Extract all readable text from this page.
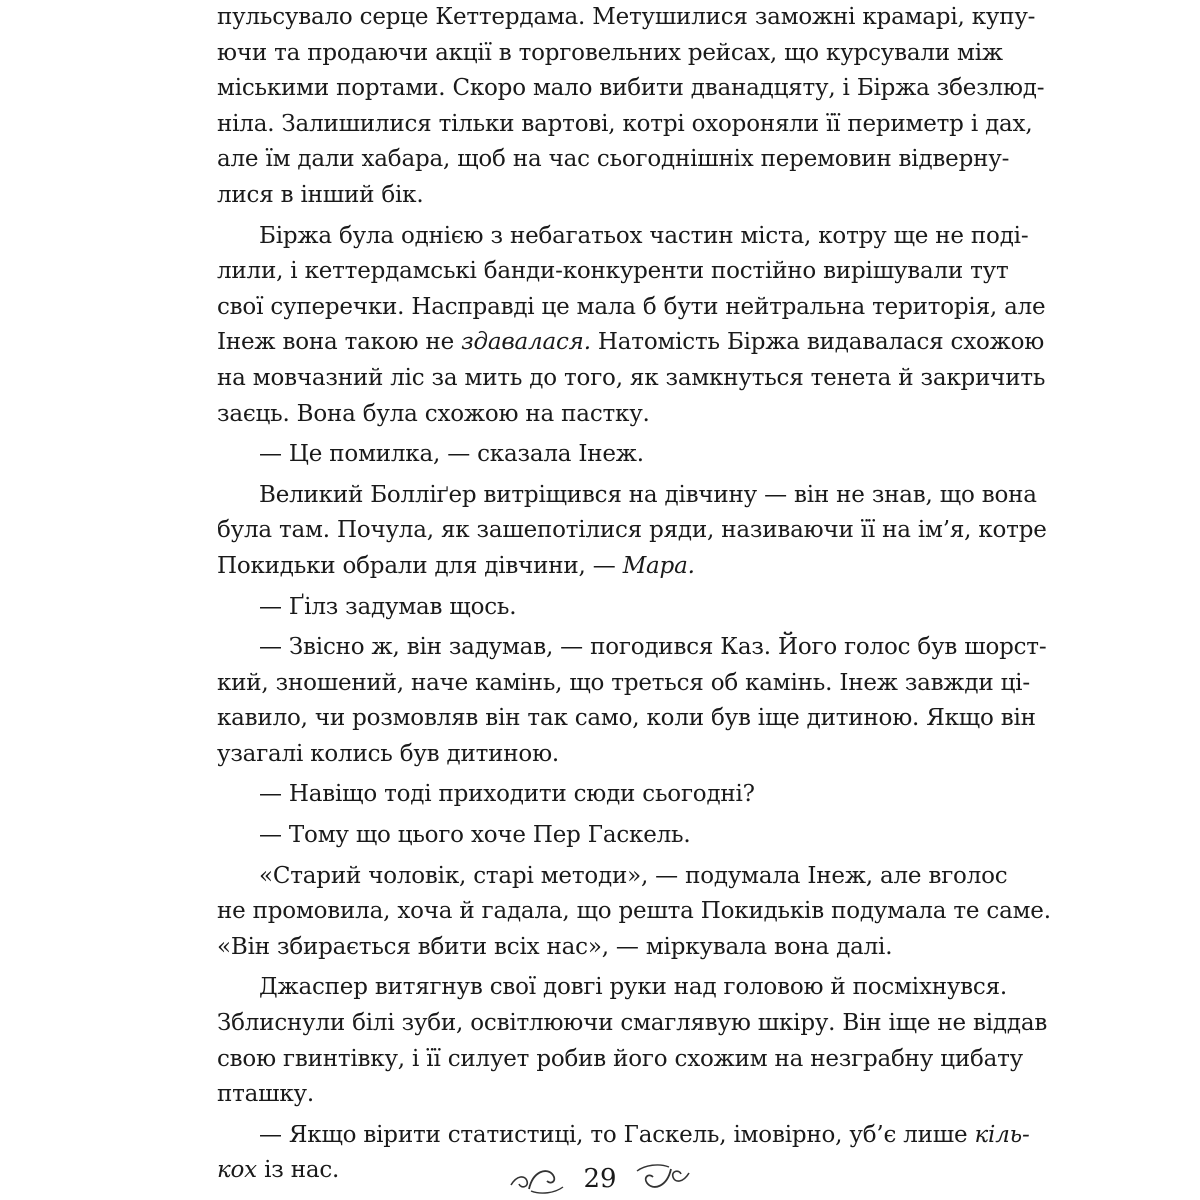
пульсувало серце Кеттердама. Метушилися заможні крамарі, купу-
ючи та продаючи акції в торговельних рейсах, що курсували між
міськими портами. Скоро мало вибити дванадцяту, і Біржа збезлюд-
ніла. Залишилися тільки вартові, котрі охороняли її периметр і дах,
але їм дали хабара, щоб на час сьогоднішніх перемовин відверну-
лися в інший бік.
Біржа була однією з небагатьох частин міста, котру ще не поді-
лили, і кеттердамські банди-конкуренти постійно вирішували тут
свої суперечки. Насправді це мала б бути нейтральна територія, але
Інеж вона такою не здавалася. Натомість Біржа видавалася схожою
на мовчазний ліс за мить до того, як замкнуться тенета й закричить
заєць. Вона була схожою на пастку.
— Це помилка, — сказала Інеж.
Великий Болліґер витріщився на дівчину — він не знав, що вона
була там. Почула, як зашепотілися ряди, називаючи її на ім’я, котре
Покидьки обрали для дівчини, — Мара.
— Ґілз задумав щось.
— Звісно ж, він задумав, — погодився Каз. Його голос був шорст-
кий, зношений, наче камінь, що треться об камінь. Інеж завжди ці-
кавило, чи розмовляв він так само, коли був іще дитиною. Якщо він
узагалі колись був дитиною.
— Навіщо тоді приходити сюди сьогодні?
— Тому що цього хоче Пер Гаскель.
«Старий чоловік, старі методи», — подумала Інеж, але вголос
не промовила, хоча й гадала, що решта Покидьків подумала те саме.
«Він збирається вбити всіх нас», — міркувала вона далі.
Джаспер витягнув свої довгі руки над головою й посміхнувся.
Зблиснули білі зуби, освітлюючи смаглявую шкіру. Він іще не віддав
свою гвинтівку, і її силует робив його схожим на незграбну цибату
пташку.
— Якщо вірити статистиці, то Гаскель, імовірно, уб’є лише кіль-
кох із нас.	29
